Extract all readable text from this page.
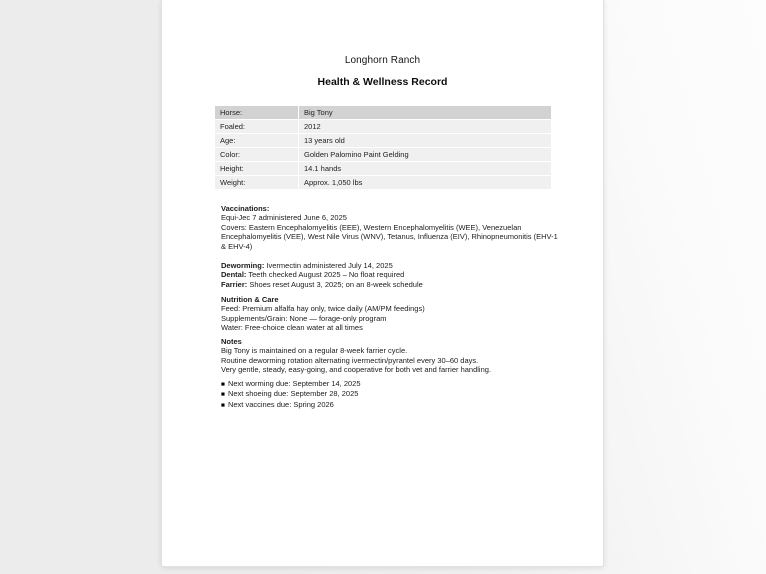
Longhorn Ranch
Health & Wellness Record
Horse:	Big Tony
Foaled:	2012
Age:	13 years old
Color:	Golden Palomino Paint Gelding
Height:	14.1 hands
Weight:	Approx. 1,050 lbs
Vaccinations:
Equi-Jec 7 administered June 6, 2025
Covers: Eastern Encephalomyelitis (EEE), Western Encephalomyelitis (WEE), Venezuelan
Encephalomyelitis (VEE), West Nile Virus (WNV), Tetanus, Influenza (EIV), Rhinopneumonitis (EHV-1
& EHV-4)
Deworming: Ivermectin administered July 14, 2025
Dental: Teeth checked August 2025 – No float required
Farrier: Shoes reset August 3, 2025; on an 8-week schedule
Nutrition & Care
Feed: Premium alfalfa hay only, twice daily (AM/PM feedings)
Supplements/Grain: None — forage-only program
Water: Free-choice clean water at all times
Notes
Big Tony is maintained on a regular 8-week farrier cycle.
Routine deworming rotation alternating ivermectin/pyrantel every 30–60 days.
Very gentle, steady, easy-going, and cooperative for both vet and farrier handling.
■ Next worming due: September 14, 2025
■ Next shoeing due: September 28, 2025
■ Next vaccines due: Spring 2026
